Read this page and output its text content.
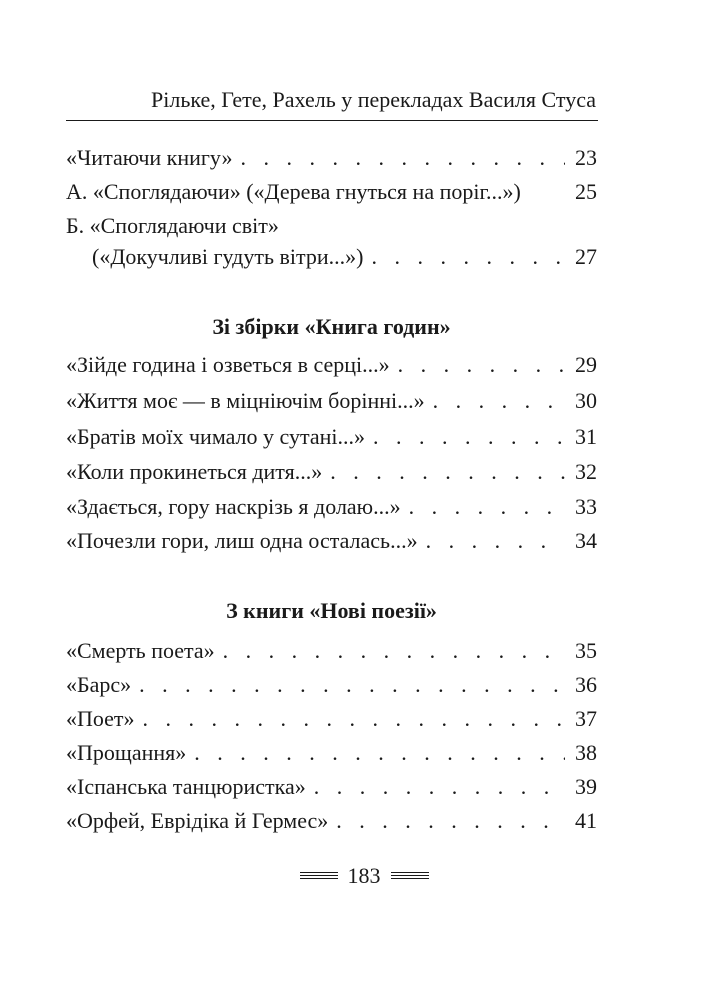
Рільке, Гете, Рахель у перекладах Василя Стуса
«Читаючи книгу» . . .	23
А. «Споглядаючи» («Дерева гнуться на поріг...») 25
Б. «Споглядаючи світ»
(«Докучливі гудуть вітри...») . . .	27
Зі збірки «Книга годин»
«Зійде година і озветься в серці...» . . .	29
«Життя моє — в міцніючім борінні...» . . .	30
«Братів моїх чимало у сутані...» . . .	31
«Коли прокинеться дитя...» . . .	32
«Здається, гору наскрізь я долаю...» . . .	33
«Почезли гори, лиш одна осталась...» . . .	34
З книги «Нові поезії»
«Смерть поета» . . .	35
«Барс» . . .	36
«Поет» . . .	37
«Прощання» . . .	38
«Іспанська танцюристка» . . .	39
«Орфей, Еврідіка й Гермес» . . .	41
183
